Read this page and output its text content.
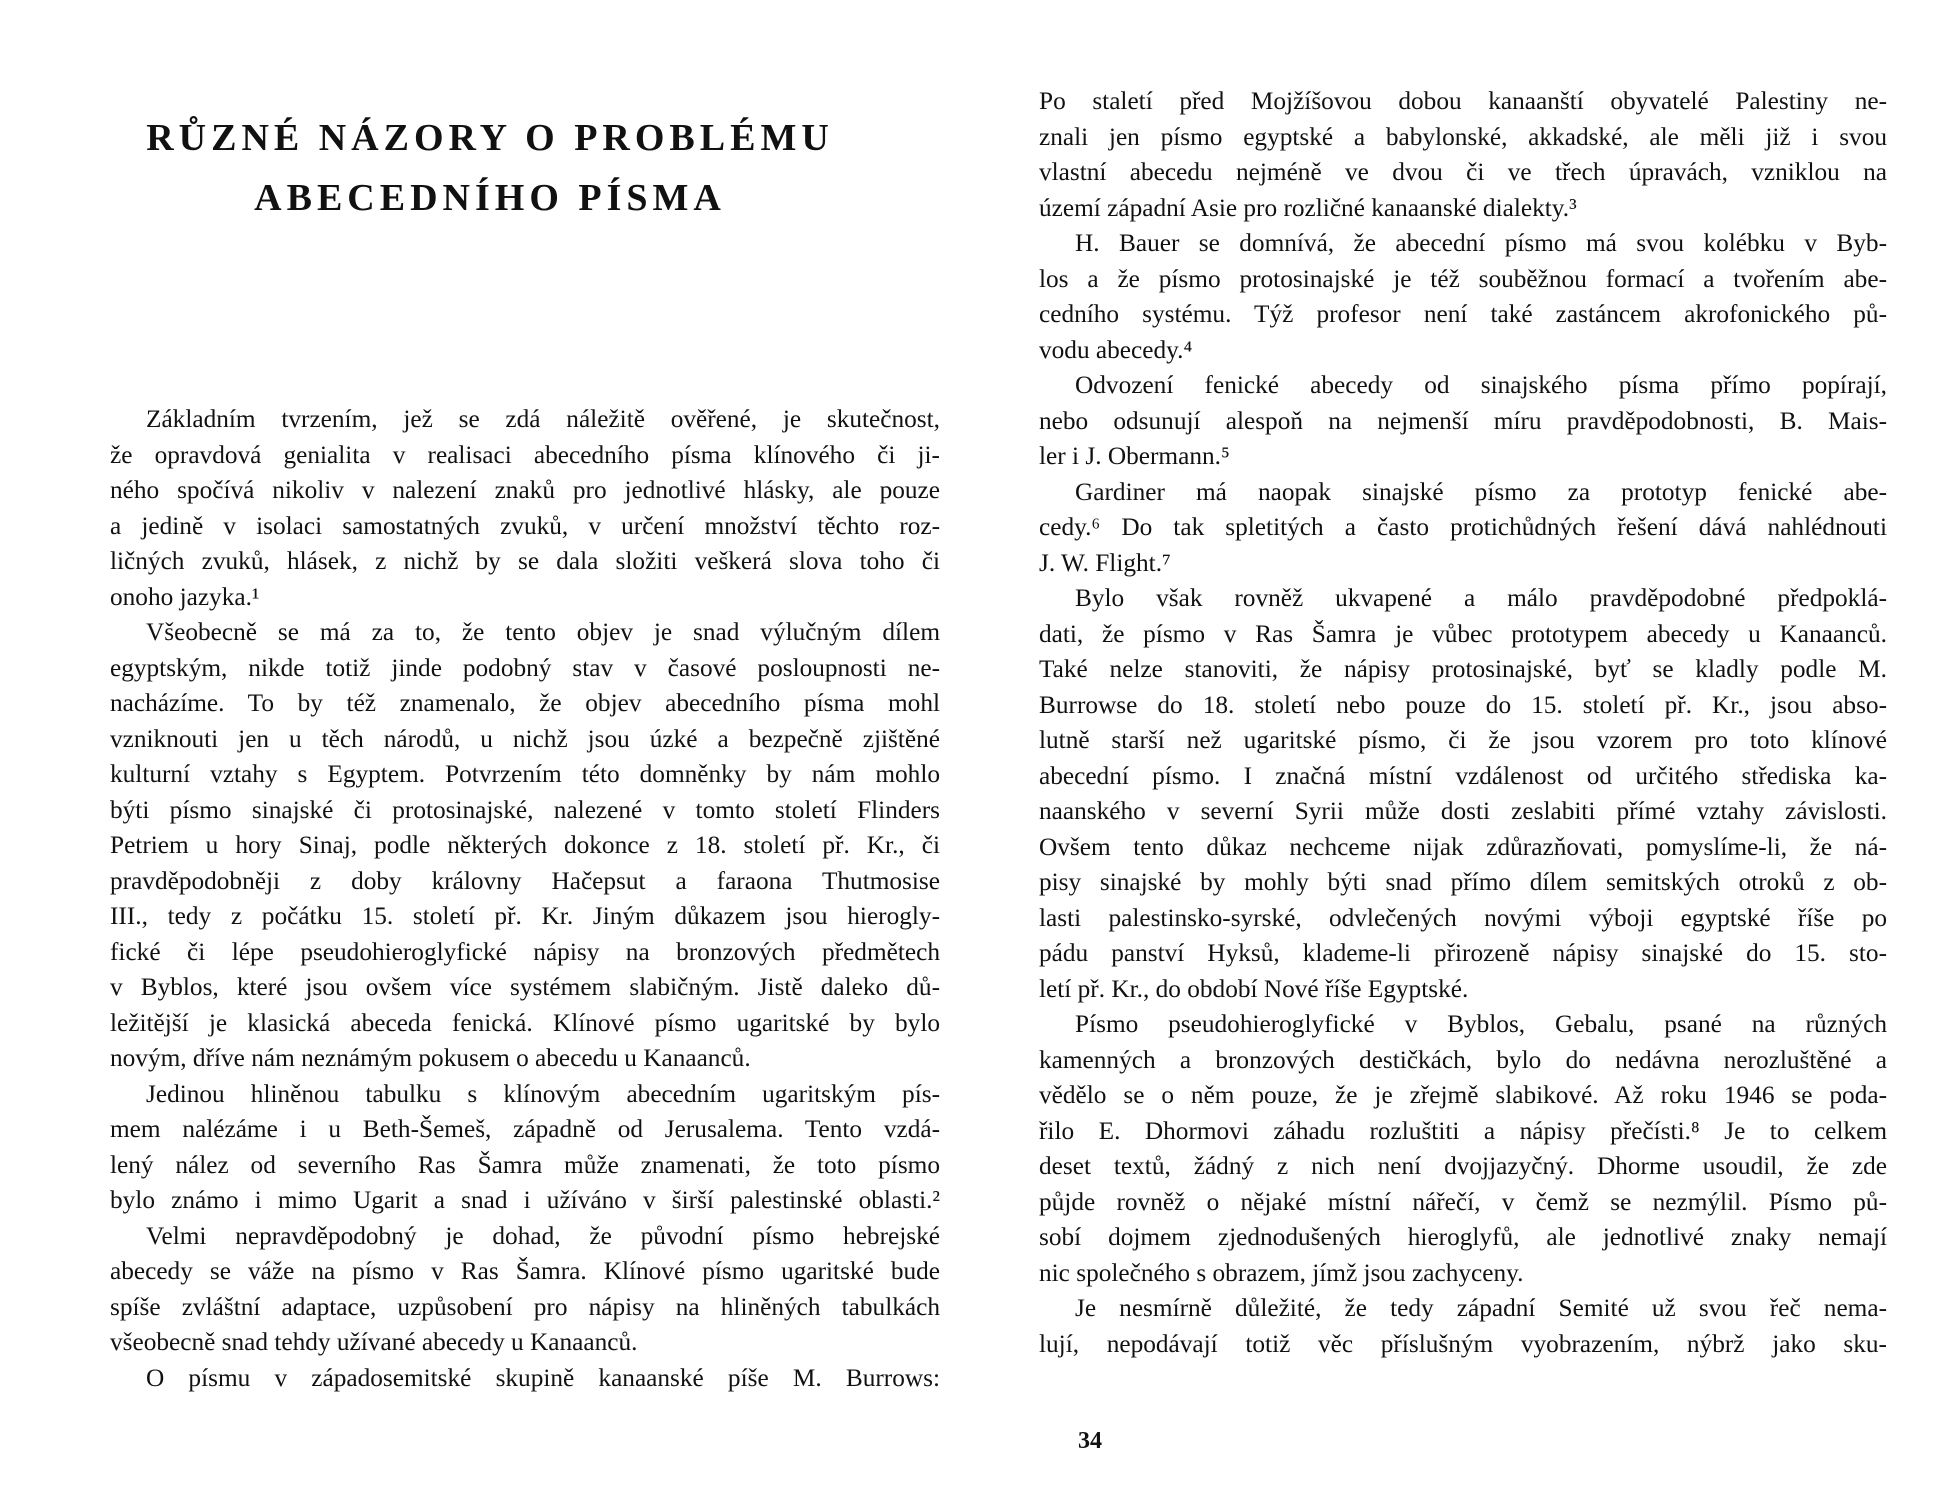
RŮZNÉ NÁZORY O PROBLÉMU
ABECEDNÍHO PÍSMA
Základním tvrzením, jež se zdá náležitě ověřené, je skutečnost,
že opravdová genialita v realisaci abecedního písma klínového či ji-
ného spočívá nikoliv v nalezení znaků pro jednotlivé hlásky, ale pouze
a jedině v isolaci samostatných zvuků, v určení množství těchto roz-
ličných zvuků, hlásek, z nichž by se dala složiti veškerá slova toho či
onoho jazyka.¹
Všeobecně se má za to, že tento objev je snad výlučným dílem
egyptským, nikde totiž jinde podobný stav v časové posloupnosti ne-
nacházíme. To by též znamenalo, že objev abecedního písma mohl
vzniknouti jen u těch národů, u nichž jsou úzké a bezpečně zjištěné
kulturní vztahy s Egyptem. Potvrzením této domněnky by nám mohlo
býti písmo sinajské či protosinajské, nalezené v tomto století Flinders
Petriem u hory Sinaj, podle některých dokonce z 18. století př. Kr., či
pravděpodobněji z doby královny Hačepsut a faraona Thutmosise
III., tedy z počátku 15. století př. Kr. Jiným důkazem jsou hierogly-
fické či lépe pseudohieroglyfické nápisy na bronzových předmětech
v Byblos, které jsou ovšem více systémem slabičným. Jistě daleko dů-
ležitější je klasická abeceda fenická. Klínové písmo ugaritské by bylo
novým, dříve nám neznámým pokusem o abecedu u Kanaanců.
Jedinou hliněnou tabulku s klínovým abecedním ugaritským pís-
mem nalézáme i u Beth-Šemeš, západně od Jerusalema. Tento vzdá-
lený nález od severního Ras Šamra může znamenati, že toto písmo
bylo známo i mimo Ugarit a snad i užíváno v širší palestinské oblasti.²
Velmi nepravděpodobný je dohad, že původní písmo hebrejské
abecedy se váže na písmo v Ras Šamra. Klínové písmo ugaritské bude
spíše zvláštní adaptace, uzpůsobení pro nápisy na hliněných tabulkách
všeobecně snad tehdy užívané abecedy u Kanaanců.
O písmu v západosemitské skupině kanaanské píše M. Burrows:
Po staletí před Mojžíšovou dobou kanaanští obyvatelé Palestiny ne-
znali jen písmo egyptské a babylonské, akkadské, ale měli již i svou
vlastní abecedu nejméně ve dvou či ve třech úpravách, vzniklou na
území západní Asie pro rozličné kanaanské dialekty.³
H. Bauer se domnívá, že abecední písmo má svou kolébku v Byb-
los a že písmo protosinajské je též souběžnou formací a tvořením abe-
cedního systému. Týž profesor není také zastáncem akrofonického pů-
vodu abecedy.⁴
Odvození fenické abecedy od sinajského písma přímo popírají,
nebo odsunují alespoň na nejmenší míru pravděpodobnosti, B. Mais-
ler i J. Obermann.⁵
Gardiner má naopak sinajské písmo za prototyp fenické abe-
cedy.⁶ Do tak spletitých a často protichůdných řešení dává nahlédnouti
J. W. Flight.⁷
Bylo však rovněž ukvapené a málo pravděpodobné předpoklá-
dati, že písmo v Ras Šamra je vůbec prototypem abecedy u Kanaanců.
Také nelze stanoviti, že nápisy protosinajské, byť se kladly podle M.
Burrowse do 18. století nebo pouze do 15. století př. Kr., jsou abso-
lutně starší než ugaritské písmo, či že jsou vzorem pro toto klínové
abecední písmo. I značná místní vzdálenost od určitého střediska ka-
naanského v severní Syrii může dosti zeslabiti přímé vztahy závislosti.
Ovšem tento důkaz nechceme nijak zdůrazňovati, pomyslíme-li, že ná-
pisy sinajské by mohly býti snad přímo dílem semitských otroků z ob-
lasti palestinsko-syrské, odvlečených novými výboji egyptské říše po
pádu panství Hyksů, klademe-li přirozeně nápisy sinajské do 15. sto-
letí př. Kr., do období Nové říše Egyptské.
Písmo pseudohieroglyfické v Byblos, Gebalu, psané na různých
kamenných a bronzových destičkách, bylo do nedávna nerozluštěné a
vědělo se o něm pouze, že je zřejmě slabikové. Až roku 1946 se poda-
řilo E. Dhormovi záhadu rozluštiti a nápisy přečísti.⁸ Je to celkem
deset textů, žádný z nich není dvojjazyčný. Dhorme usoudil, že zde
půjde rovněž o nějaké místní nářečí, v čemž se nezmýlil. Písmo pů-
sobí dojmem zjednodušených hieroglyfů, ale jednotlivé znaky nemají
nic společného s obrazem, jímž jsou zachyceny.
Je nesmírně důležité, že tedy západní Semité už svou řeč nema-
lují, nepodávají totiž věc příslušným vyobrazením, nýbrž jako sku-
34
